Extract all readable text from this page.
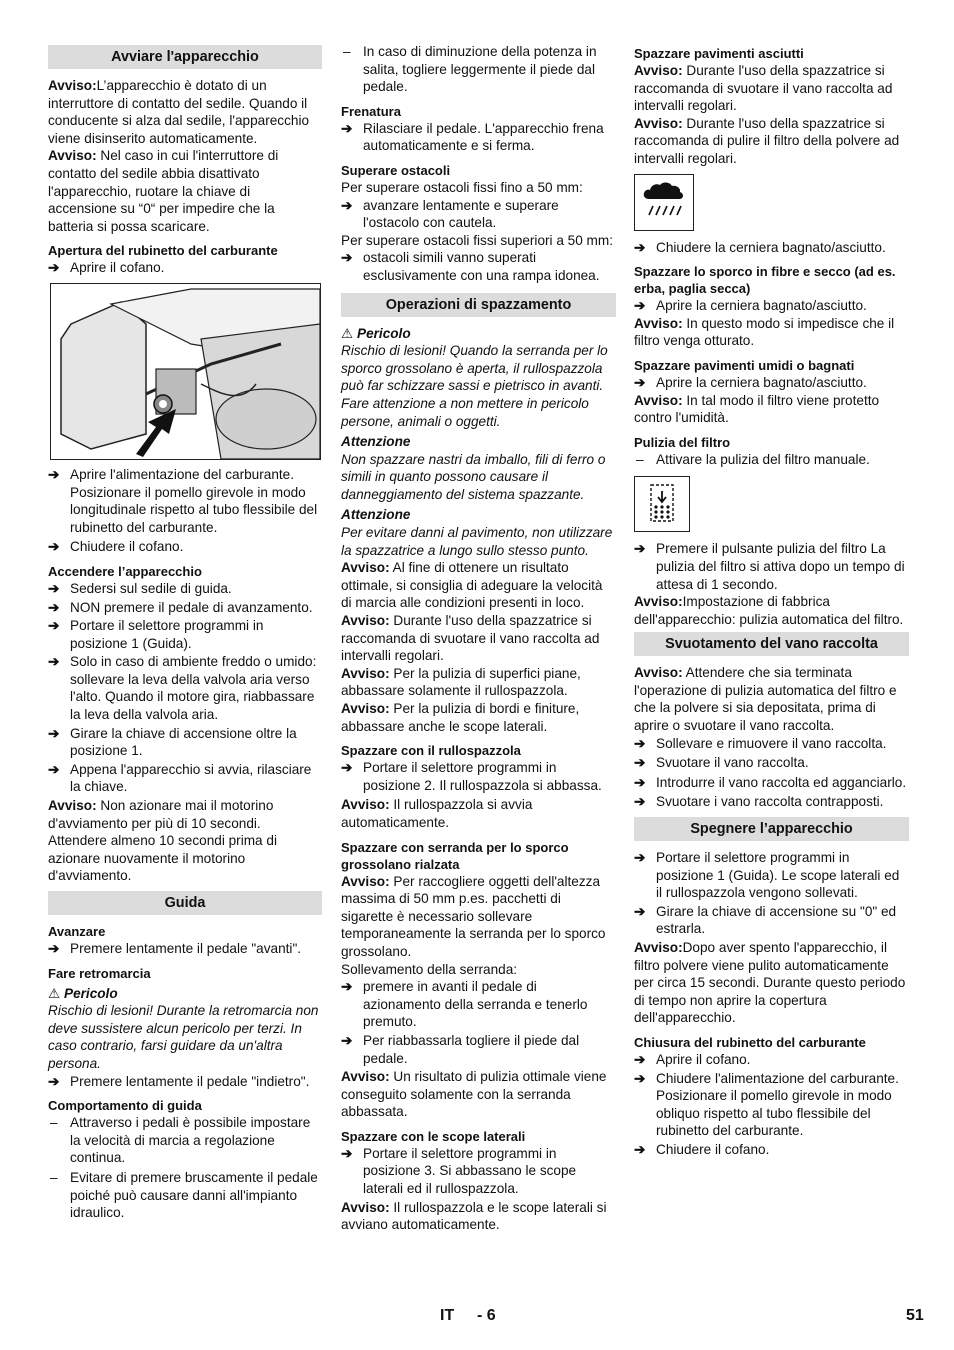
Avviare l'apparecchio

Avviso:L’apparecchio è dotato di un interruttore di contatto del sedile. Quando il conducente si alza dal sedile, l'apparecchio viene disinserito automaticamente.

Avviso: Nel caso in cui l'interruttore di contatto del sedile abbia disattivato l'apparecchio, ruotare la chiave di accensione su “0“ per impedire che la batteria si possa scaricare.

Apertura del rubinetto del carburante
➔ Aprire il cofano.
➔ Aprire l'alimentazione del carburante. Posizionare il pomello girevole in modo longitudinale rispetto al tubo flessibile del rubinetto del carburante.
➔ Chiudere il cofano.
Accendere l’apparecchio
➔ Sedersi sul sedile di guida.
➔ NON premere il pedale di avanzamento.
➔ Portare il selettore programmi in posizione 1 (Guida).
➔ Solo in caso di ambiente freddo o umido: sollevare la leva della valvola aria verso l'alto. Quando il motore gira, riabbassare la leva della valvola aria.
➔ Girare la chiave di accensione oltre la posizione 1.
➔ Appena l'apparecchio si avvia, rilasciare la chiave.

Avviso: Non azionare mai il motorino d'avviamento per più di 10 secondi. Attendere almeno 10 secondi prima di azionare nuovamente il motorino d'avviamento.

Guida
Avanzare
➔ Premere lentamente il pedale "avanti".
Fare retromarcia
⚠ Pericolo

Rischio di lesioni! Durante la retromarcia non deve sussistere alcun pericolo per terzi. In caso contrario, farsi guidare da un'altra persona.

➔ Premere lentamente il pedale "indietro".
Comportamento di guida
– Attraverso i pedali è possibile impostare la velocità di marcia a regolazione continua.
– Evitare di premere bruscamente il pedale poiché può causare danni all'impianto idraulico.
– In caso di diminuzione della potenza in salita, togliere leggermente il piede dal pedale.
Frenatura
➔ Rilasciare il pedale. L'apparecchio frena automaticamente e si ferma.
Superare ostacoli

Per superare ostacoli fissi fino a 50 mm:

➔ avanzare lentamente e superare l'ostacolo con cautela.

Per superare ostacoli fissi superiori a 50 mm:

➔ ostacoli simili vanno superati esclusivamente con una rampa idonea.
Operazioni di spazzamento
⚠ Pericolo

Rischio di lesioni! Quando la serranda per lo sporco grossolano è aperta, il rullospazzola può far schizzare sassi e pietrisco in avanti. Fare attenzione a non mettere in pericolo persone, animali o oggetti.

Attenzione

Non spazzare nastri da imballo, fili di ferro o simili in quanto possono causare il danneggiamento del sistema spazzante.

Attenzione

Per evitare danni al pavimento, non utilizzare la spazzatrice a lungo sullo stesso punto.

Avviso: Al fine di ottenere un risultato ottimale, si consiglia di adeguare la velocità di marcia alle condizioni presenti in loco.

Avviso: Durante l'uso della spazzatrice si raccomanda di svuotare il vano raccolta ad intervalli regolari.

Avviso: Per la pulizia di superfici piane, abbassare solamente il rullospazzola.

Avviso: Per la pulizia di bordi e finiture, abbassare anche le scope laterali.

Spazzare con il rullospazzola
➔ Portare il selettore programmi in posizione 2. Il rullospazzola si abbassa.

Avviso: Il rullospazzola si avvia automaticamente.

Spazzare con serranda per lo sporco grossolano rialzata

Avviso: Per raccogliere oggetti dell'altezza massima di 50 mm p.es. pacchetti di sigarette è necessario sollevare temporaneamente la serranda per lo sporco grossolano.

Sollevamento della serranda:

➔ premere in avanti il pedale di azionamento della serranda e tenerlo premuto.
➔ Per riabbassarla togliere il piede dal pedale.

Avviso: Un risultato di pulizia ottimale viene conseguito solamente con la serranda abbassata.

Spazzare con le scope laterali
➔ Portare il selettore programmi in posizione 3. Si abbassano le scope laterali ed il rullospazzola.

Avviso: Il rullospazzola e le scope laterali si avviano automaticamente.

Spazzare pavimenti asciutti

Avviso: Durante l'uso della spazzatrice si raccomanda di svuotare il vano raccolta ad intervalli regolari.

Avviso: Durante l'uso della spazzatrice si raccomanda di pulire il filtro della polvere ad intervalli regolari.

➔ Chiudere la cerniera bagnato/asciutto.
Spazzare lo sporco in fibre e secco (ad es. erba, paglia secca)
➔ Aprire la cerniera bagnato/asciutto.

Avviso: In questo modo si impedisce che il filtro venga otturato.

Spazzare pavimenti umidi o bagnati
➔ Aprire la cerniera bagnato/asciutto.

Avviso: In tal modo il filtro viene protetto contro l'umidità.

Pulizia del filtro
– Attivare la pulizia del filtro manuale.
➔ Premere il pulsante pulizia del filtro La pulizia del filtro si attiva dopo un tempo di attesa di 1 secondo.

Avviso:Impostazione di fabbrica dell'apparecchio: pulizia automatica del filtro.

Svuotamento del vano raccolta

Avviso: Attendere che sia terminata l'operazione di pulizia automatica del filtro e che la polvere si sia depositata, prima di aprire o svuotare il vano raccolta.

➔ Sollevare e rimuovere il vano raccolta.
➔ Svuotare il vano raccolta.
➔ Introdurre il vano raccolta ed agganciarlo.
➔ Svuotare i vano raccolta contrapposti.
Spegnere l’apparecchio
➔ Portare il selettore programmi in posizione 1 (Guida). Le scope laterali ed il rullospazzola vengono sollevati.
➔ Girare la chiave di accensione su "0" ed estrarla.

Avviso:Dopo aver spento l'apparecchio, il filtro polvere viene pulito automaticamente per circa 15 secondi. Durante questo periodo di tempo non aprire la copertura dell'apparecchio.

Chiusura del rubinetto del carburante
➔ Aprire il cofano.
➔ Chiudere l'alimentazione del carburante.
Posizionare il pomello girevole in modo obliquo rispetto al tubo flessibile del rubinetto del carburante.
➔ Chiudere il cofano.
IT - 6	51
